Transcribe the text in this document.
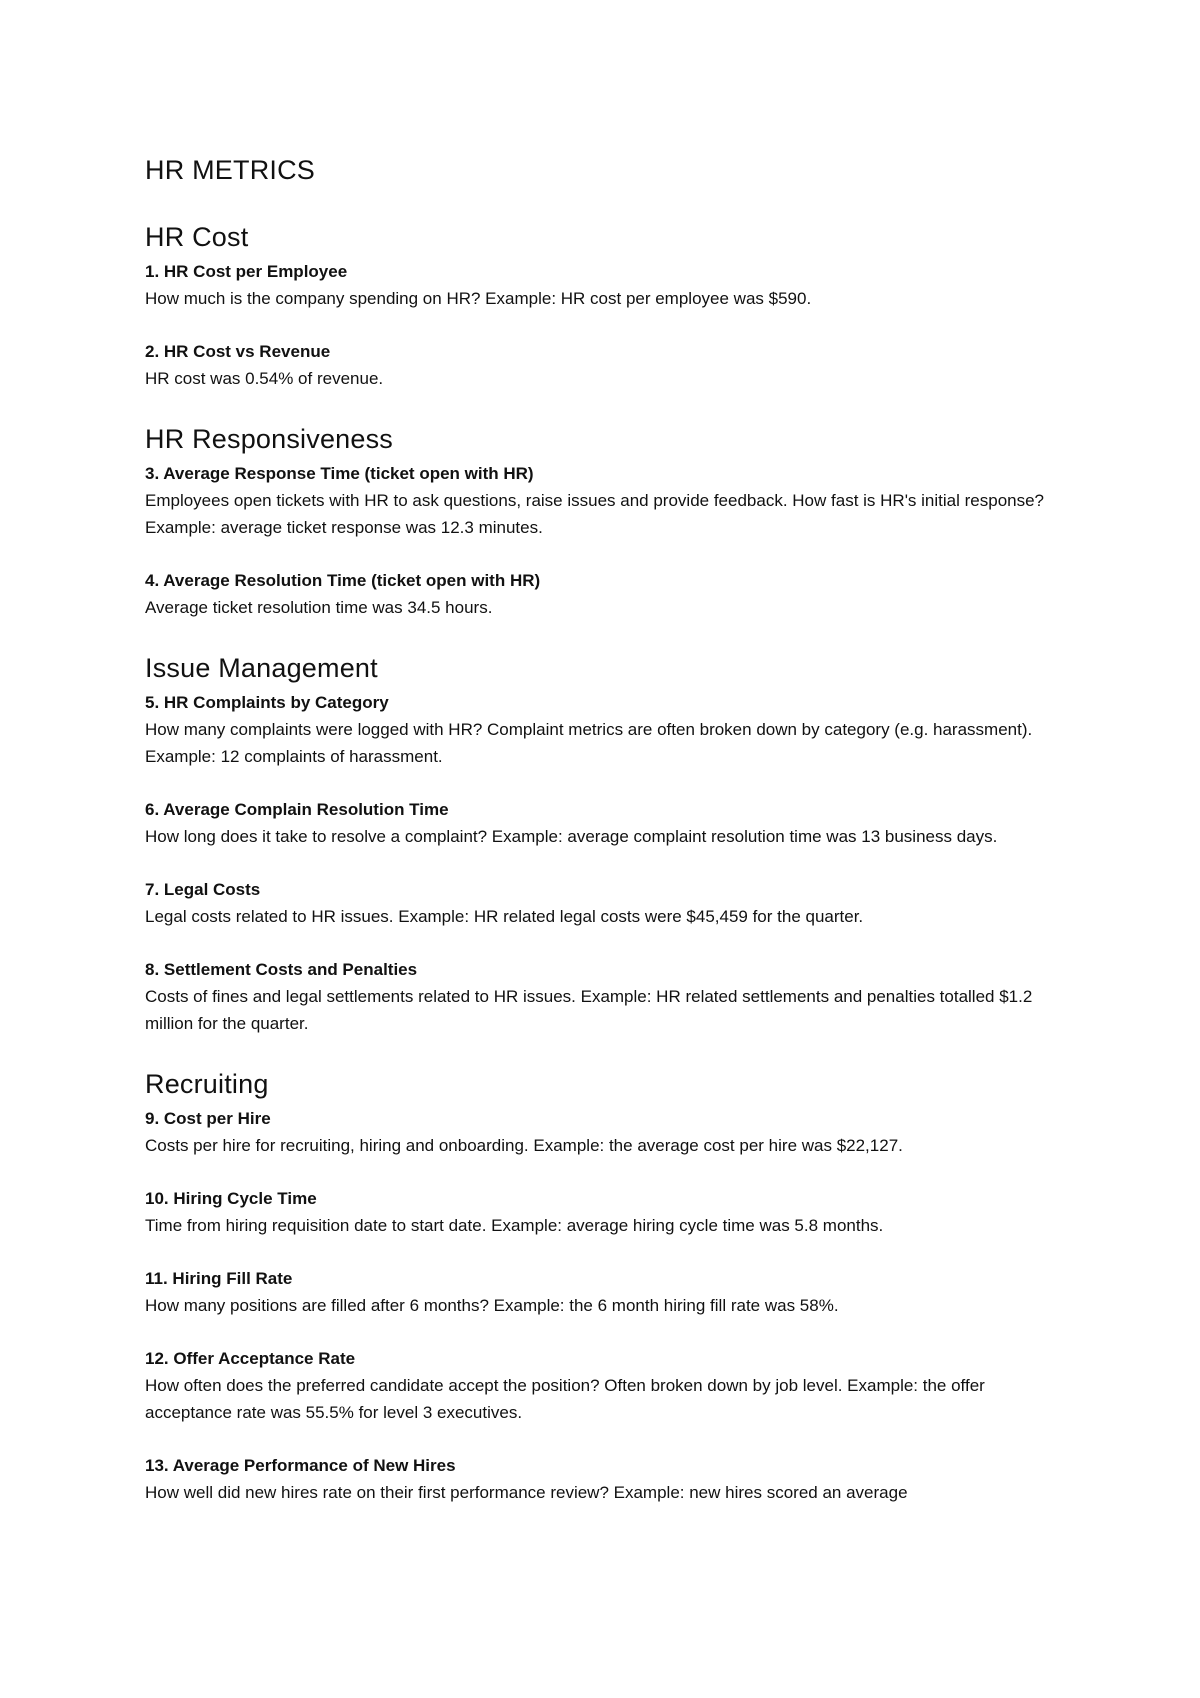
HR METRICS
HR Cost

1. HR Cost per Employee

How much is the company spending on HR? Example: HR cost per employee was $590.

2. HR Cost vs Revenue

HR cost was 0.54% of revenue.

HR Responsiveness

3. Average Response Time (ticket open with HR)

Employees open tickets with HR to ask questions, raise issues and provide feedback. How fast is HR's initial response? Example: average ticket response was 12.3 minutes.

4. Average Resolution Time (ticket open with HR)

Average ticket resolution time was 34.5 hours.

Issue Management

5. HR Complaints by Category

How many complaints were logged with HR? Complaint metrics are often broken down by category (e.g. harassment). Example: 12 complaints of harassment.

6. Average Complain Resolution Time

How long does it take to resolve a complaint? Example: average complaint resolution time was 13 business days.

7. Legal Costs

Legal costs related to HR issues. Example: HR related legal costs were $45,459 for the quarter.

8. Settlement Costs and Penalties

Costs of fines and legal settlements related to HR issues. Example: HR related settlements and penalties totalled $1.2 million for the quarter.

Recruiting

9. Cost per Hire

Costs per hire for recruiting, hiring and onboarding. Example: the average cost per hire was $22,127.

10. Hiring Cycle Time

Time from hiring requisition date to start date. Example: average hiring cycle time was 5.8 months.

11. Hiring Fill Rate

How many positions are filled after 6 months? Example: the 6 month hiring fill rate was 58%.

12. Offer Acceptance Rate

How often does the preferred candidate accept the position? Often broken down by job level. Example: the offer acceptance rate was 55.5% for level 3 executives.

13. Average Performance of New Hires

How well did new hires rate on their first performance review? Example: new hires scored an average
